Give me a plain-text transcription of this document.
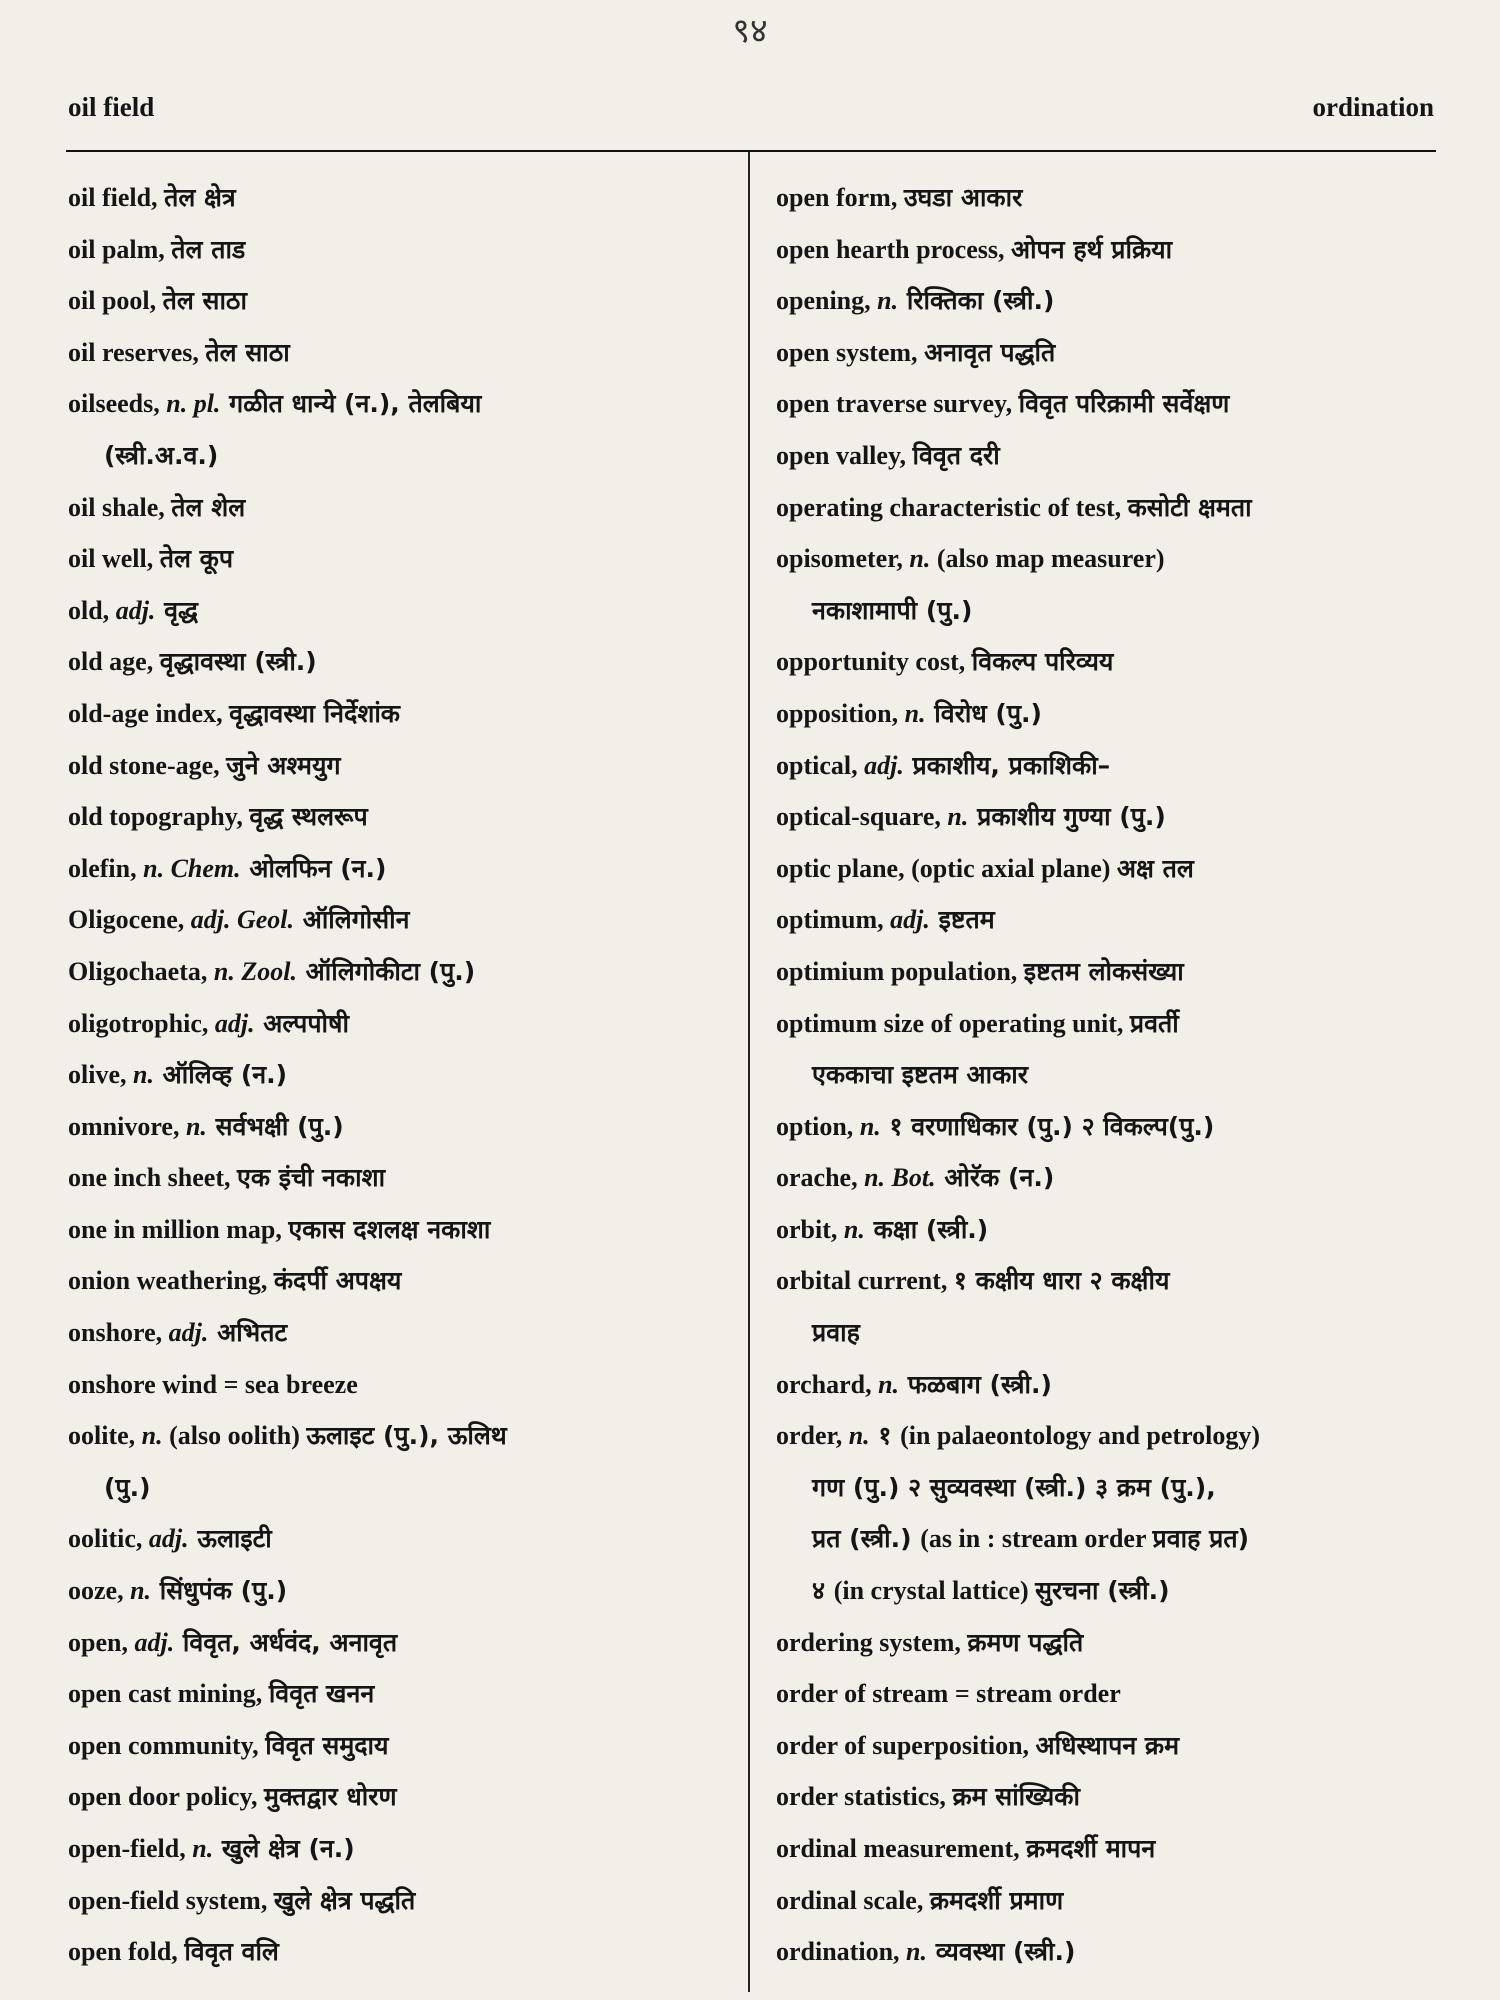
९४
oil field	ordination
oil field, तेल क्षेत्र
oil palm, तेल ताड
oil pool, तेल साठा
oil reserves, तेल साठा
oilseeds, n. pl. गळीत धान्ये (न.), तेलबिया
(स्त्री.अ.व.)
oil shale, तेल शेल
oil well, तेल कूप
old, adj. वृद्ध
old age, वृद्धावस्था (स्त्री.)
old-age index, वृद्धावस्था निर्देशांक
old stone-age, जुने अश्मयुग
old topography, वृद्ध स्थलरूप
olefin, n. Chem. ओलफिन (न.)
Oligocene, adj. Geol. ऑलिगोसीन
Oligochaeta, n. Zool. ऑलिगोकीटा (पु.)
oligotrophic, adj. अल्पपोषी
olive, n. ऑलिव्ह (न.)
omnivore, n. सर्वभक्षी (पु.)
one inch sheet, एक इंची नकाशा
one in million map, एकास दशलक्ष नकाशा
onion weathering, कंदर्पी अपक्षय
onshore, adj. अभितट
onshore wind = sea breeze
oolite, n. (also oolith) ऊलाइट (पु.), ऊलिथ
(पु.)
oolitic, adj. ऊलाइटी
ooze, n. सिंधुपंक (पु.)
open, adj. विवृत, अर्धवंद, अनावृत
open cast mining, विवृत खनन
open community, विवृत समुदाय
open door policy, मुक्तद्वार धोरण
open-field, n. खुले क्षेत्र (न.)
open-field system, खुले क्षेत्र पद्धति
open fold, विवृत वलि
open form, उघडा आकार
open hearth process, ओपन हर्थ प्रक्रिया
opening, n. रिक्तिका (स्त्री.)
open system, अनावृत पद्धति
open traverse survey, विवृत परिक्रामी सर्वेक्षण
open valley, विवृत दरी
operating characteristic of test, कसोटी क्षमता
opisometer, n. (also map measurer)
नकाशामापी (पु.)
opportunity cost, विकल्प परिव्यय
opposition, n. विरोध (पु.)
optical, adj. प्रकाशीय, प्रकाशिकी–
optical-square, n. प्रकाशीय गुण्या (पु.)
optic plane, (optic axial plane) अक्ष तल
optimum, adj. इष्टतम
optimium population, इष्टतम लोकसंख्या
optimum size of operating unit, प्रवर्ती
एककाचा इष्टतम आकार
option, n. १ वरणाधिकार (पु.) २ विकल्प(पु.)
orache, n. Bot. ओरॅक (न.)
orbit, n. कक्षा (स्त्री.)
orbital current, १ कक्षीय धारा २ कक्षीय
प्रवाह
orchard, n. फळबाग (स्त्री.)
order, n. १ (in palaeontology and petrology)
गण (पु.) २ सुव्यवस्था (स्त्री.) ३ क्रम (पु.),
प्रत (स्त्री.) (as in : stream order प्रवाह प्रत)
४ (in crystal lattice) सुरचना (स्त्री.)
ordering system, क्रमण पद्धति
order of stream = stream order
order of superposition, अधिस्थापन क्रम
order statistics, क्रम सांख्यिकी
ordinal measurement, क्रमदर्शी मापन
ordinal scale, क्रमदर्शी प्रमाण
ordination, n. व्यवस्था (स्त्री.)
